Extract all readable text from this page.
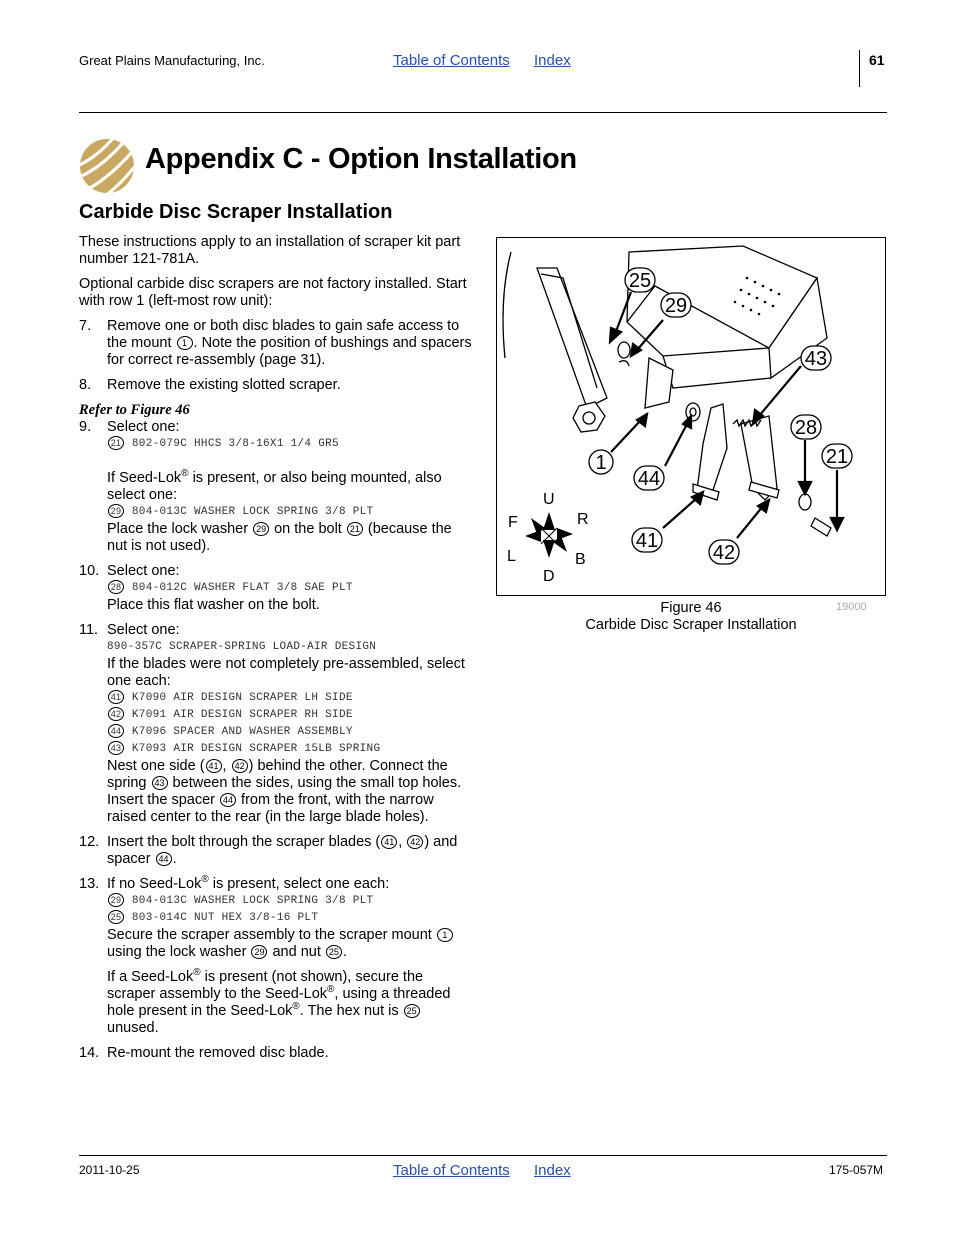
Great Plains Manufacturing, Inc.	Table of Contents Index	61
Appendix C - Option Installation
Carbide Disc Scraper Installation

These instructions apply to an installation of scraper kit part number 121-781A.

Optional carbide disc scrapers are not factory installed. Start with row 1 (left-most row unit):

7. Remove one or both disc blades to gain safe access to the mount 1 . Note the position of bushings and spacers for correct re-assembly (page 31).
8. Remove the existing slotted scraper.
Refer to Figure 46
9. Select one:
21 802-079C HHCS 3/8-16X1 1/4 GR5
If Seed-Lok® is present, or also being mounted, also select one:
29 804-013C WASHER LOCK SPRING 3/8 PLT
Place the lock washer 29 on the bolt 21 (because the nut is not used).
10. Select one:
28 804-012C WASHER FLAT 3/8 SAE PLT
Place this flat washer on the bolt.
11. Select one:
890-357C SCRAPER-SPRING LOAD-AIR DESIGN
If the blades were not completely pre-assembled, select one each:
41 K7090 AIR DESIGN SCRAPER LH SIDE
42 K7091 AIR DESIGN SCRAPER RH SIDE
44 K7096 SPACER AND WASHER ASSEMBLY
43 K7093 AIR DESIGN SCRAPER 15LB SPRING
Nest one side ( 41 , 42 ) behind the other. Connect the spring 43 between the sides, using the small top holes. Insert the spacer 44 from the front, with the narrow raised center to the rear (in the large blade holes).
12. Insert the bolt through the scraper blades ( 41 , 42 ) and spacer 44 .
13. If no Seed-Lok® is present, select one each:
29 804-013C WASHER LOCK SPRING 3/8 PLT
25 803-014C NUT HEX 3/8-16 PLT
Secure the scraper assembly to the scraper mount 1 using the lock washer 29 and nut 25 .
If a Seed-Lok® is present (not shown), secure the scraper assembly to the Seed-Lok®, using a threaded hole present in the Seed-Lok®. The hex nut is 25 unused.
14. Re-mount the removed disc blade.
25
29
43
28
21
1
44
41
42
U
D
F	R
L	B
Figure 46
Carbide Disc Scraper Installation
19000
2011-10-25	Table of Contents Index	175-057M
